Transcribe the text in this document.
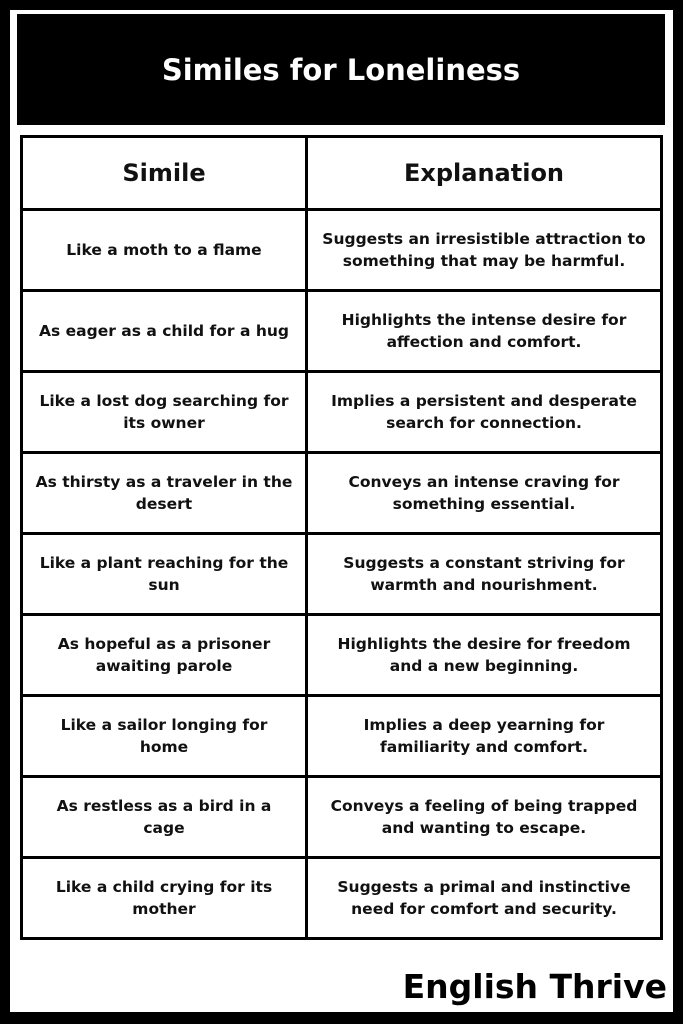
Similes for Loneliness
Simile	Explanation
Like a moth to a flame	Suggests an irresistible attraction to something that may be harmful.
As eager as a child for a hug	Highlights the intense desire for affection and comfort.
Like a lost dog searching for its owner	Implies a persistent and desperate search for connection.
As thirsty as a traveler in the desert	Conveys an intense craving for something essential.
Like a plant reaching for the sun	Suggests a constant striving for warmth and nourishment.
As hopeful as a prisoner awaiting parole	Highlights the desire for freedom and a new beginning.
Like a sailor longing for home	Implies a deep yearning for familiarity and comfort.
As restless as a bird in a cage	Conveys a feeling of being trapped and wanting to escape.
Like a child crying for its mother	Suggests a primal and instinctive need for comfort and security.
English Thrive
